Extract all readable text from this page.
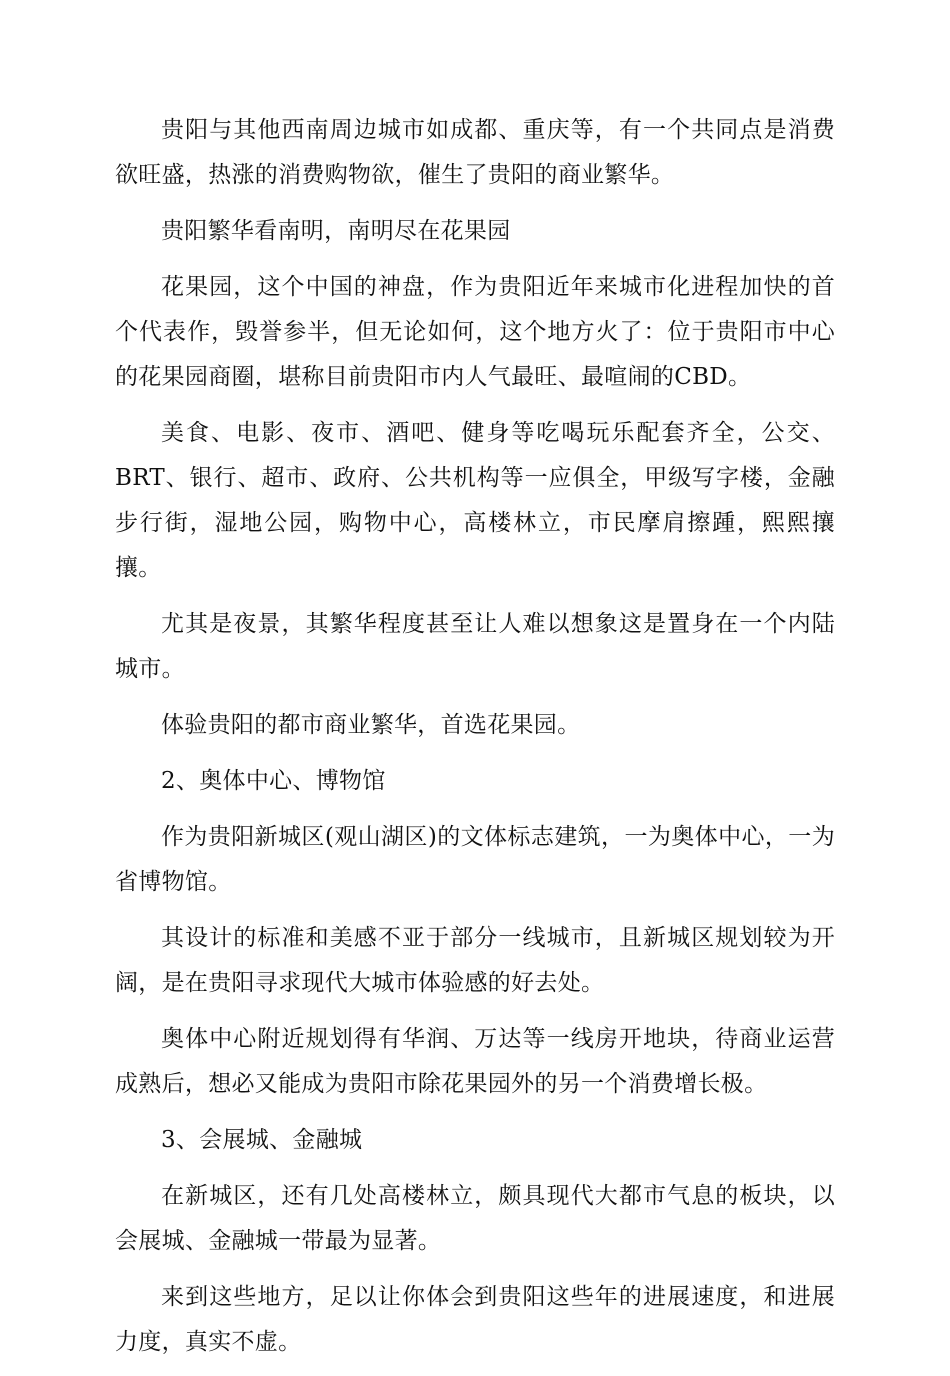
贵阳与其他西南周边城市如成都、重庆等，有一个共同点是消费欲旺盛，热涨的消费购物欲，催生了贵阳的商业繁华。

贵阳繁华看南明，南明尽在花果园

花果园，这个中国的神盘，作为贵阳近年来城市化进程加快的首个代表作，毁誉参半，但无论如何，这个地方火了：位于贵阳市中心的花果园商圈，堪称目前贵阳市内人气最旺、最喧闹的CBD。

美食、电影、夜市、酒吧、健身等吃喝玩乐配套齐全，公交、BRT、银行、超市、政府、公共机构等一应俱全，甲级写字楼，金融步行街，湿地公园，购物中心，高楼林立，市民摩肩擦踵，熙熙攘攘。

尤其是夜景，其繁华程度甚至让人难以想象这是置身在一个内陆城市。

体验贵阳的都市商业繁华，首选花果园。

2、奥体中心、博物馆

作为贵阳新城区(观山湖区)的文体标志建筑，一为奥体中心，一为省博物馆。

其设计的标准和美感不亚于部分一线城市，且新城区规划较为开阔，是在贵阳寻求现代大城市体验感的好去处。

奥体中心附近规划得有华润、万达等一线房开地块，待商业运营成熟后，想必又能成为贵阳市除花果园外的另一个消费增长极。

3、会展城、金融城

在新城区，还有几处高楼林立，颇具现代大都市气息的板块，以会展城、金融城一带最为显著。

来到这些地方，足以让你体会到贵阳这些年的进展速度，和进展力度，真实不虚。
